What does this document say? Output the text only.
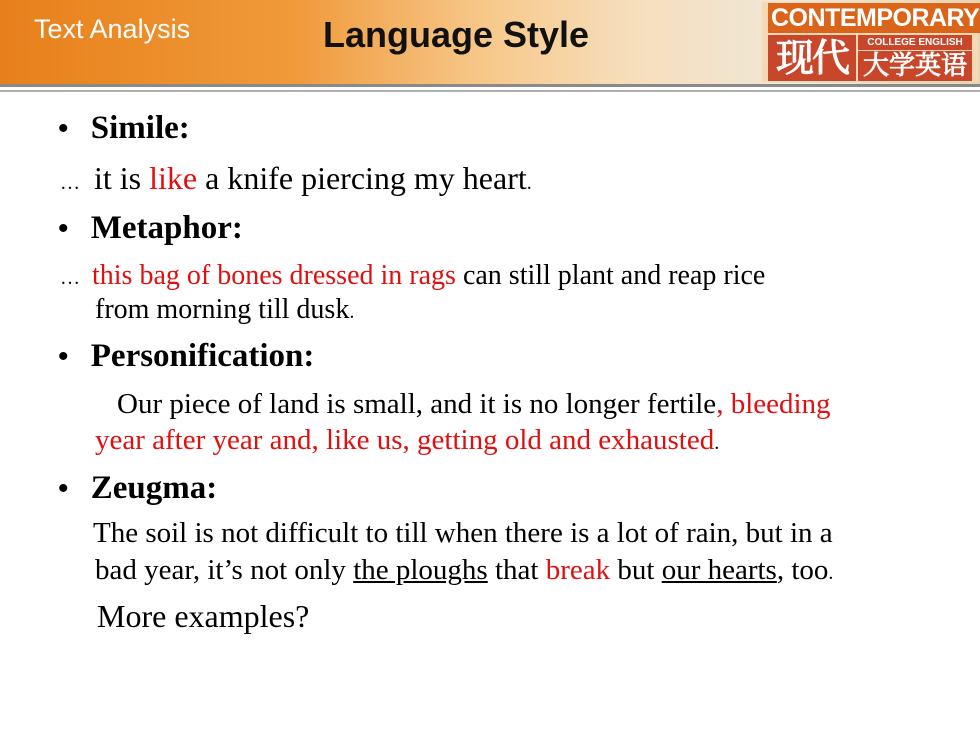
Text Analysis	Language Style	CONTEMPORARY
现代	COLLEGE ENGLISH
大学英语
• Simile:
… it is like a knife piercing my heart.
• Metaphor:
… this bag of bones dressed in rags can still plant and reap rice
from morning till dusk.
• Personification:
Our piece of land is small, and it is no longer fertile, bleeding
year after year and, like us, getting old and exhausted.
• Zeugma:
The soil is not difficult to till when there is a lot of rain, but in a
bad year, it’s not only the ploughs that break but our hearts, too.
More examples?
